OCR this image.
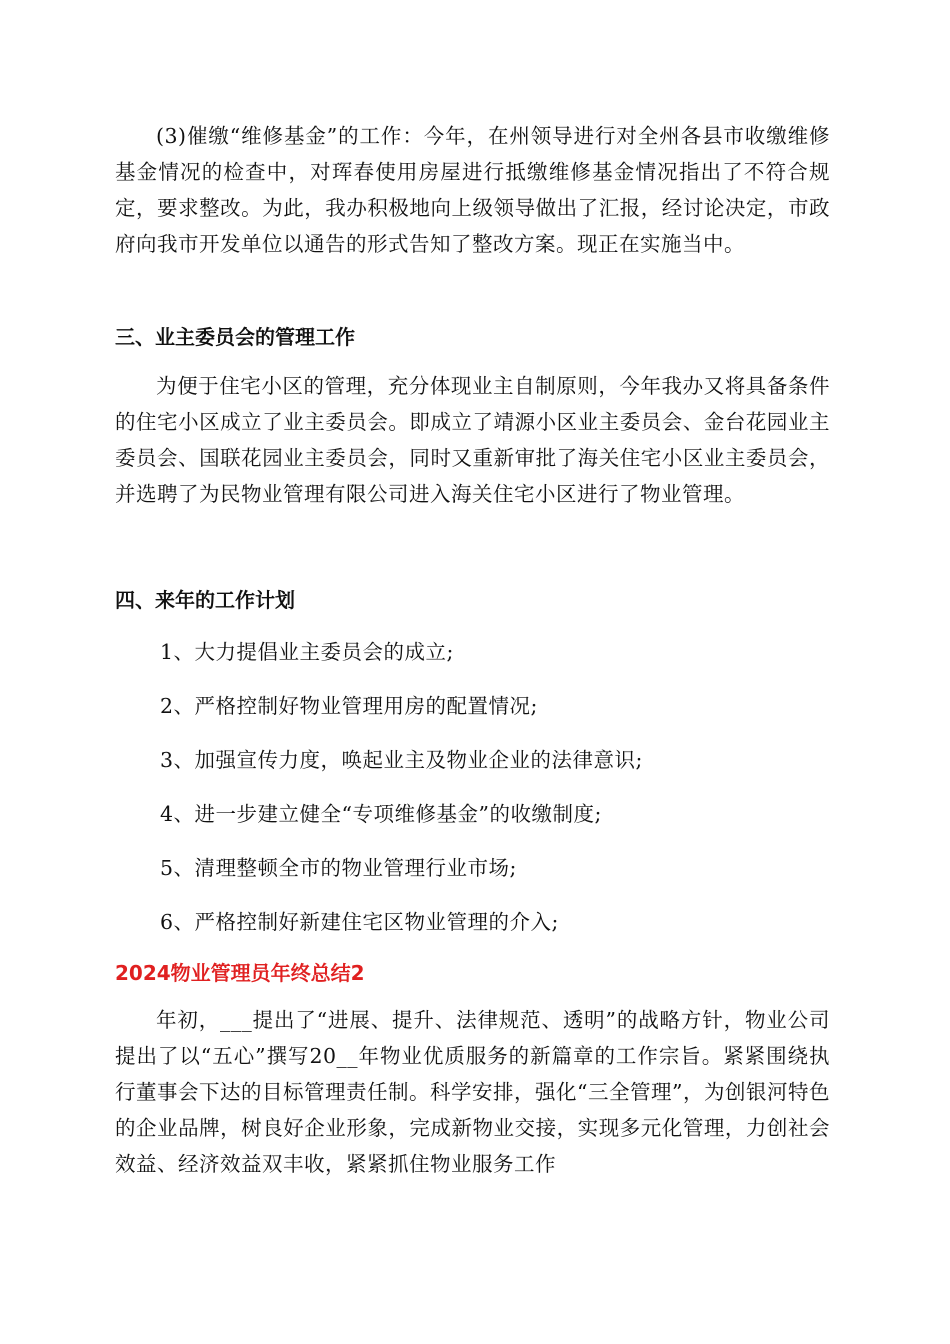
(3)催缴“维修基金”的工作：今年，在州领导进行对全州各县市收缴维修基金情况的检查中，对珲春使用房屋进行抵缴维修基金情况指出了不符合规定，要求整改。为此，我办积极地向上级领导做出了汇报，经讨论决定，市政府向我市开发单位以通告的形式告知了整改方案。现正在实施当中。

三、业主委员会的管理工作

为便于住宅小区的管理，充分体现业主自制原则，今年我办又将具备条件的住宅小区成立了业主委员会。即成立了靖源小区业主委员会、金台花园业主委员会、国联花园业主委员会，同时又重新审批了海关住宅小区业主委员会，并选聘了为民物业管理有限公司进入海关住宅小区进行了物业管理。

四、来年的工作计划

1、大力提倡业主委员会的成立;

2、严格控制好物业管理用房的配置情况;

3、加强宣传力度，唤起业主及物业企业的法律意识;

4、进一步建立健全“专项维修基金”的收缴制度;

5、清理整顿全市的物业管理行业市场;

6、严格控制好新建住宅区物业管理的介入;

2024物业管理员年终总结2

年初，___提出了“进展、提升、法律规范、透明”的战略方针，物业公司提出了以“五心”撰写20__年物业优质服务的新篇章的工作宗旨。紧紧围绕执行董事会下达的目标管理责任制。科学安排，强化“三全管理”，为创银河特色的企业品牌，树良好企业形象，完成新物业交接，实现多元化管理，力创社会效益、经济效益双丰收，紧紧抓住物业服务工作
